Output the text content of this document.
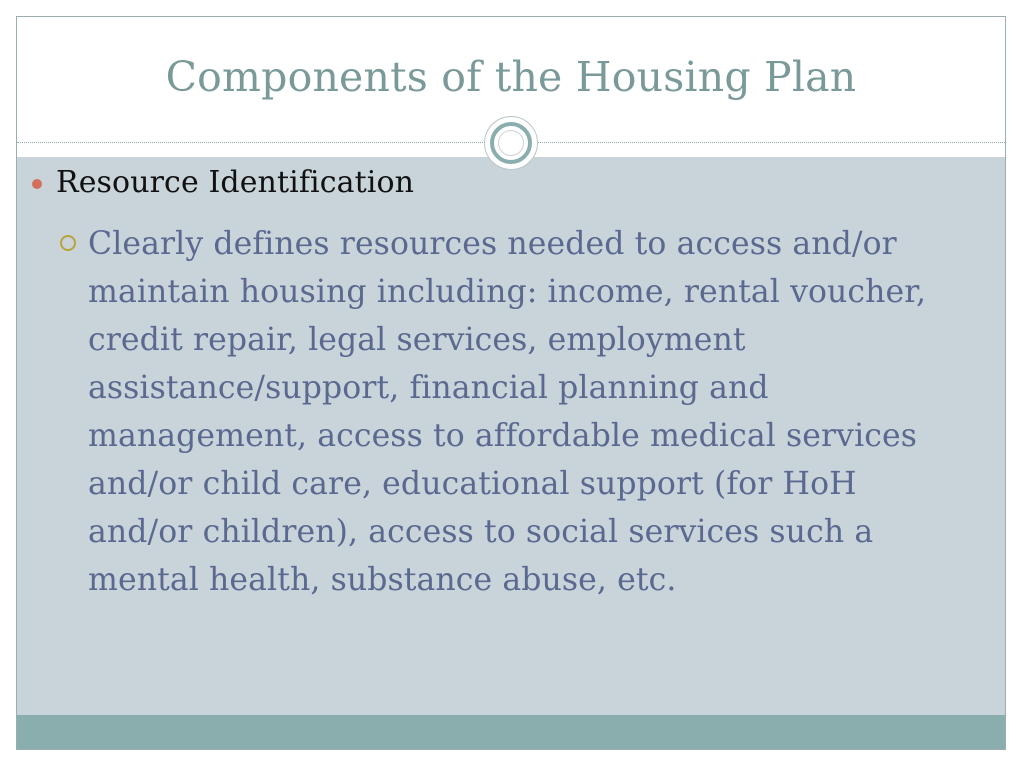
Components of the Housing Plan
Resource Identification
Clearly defines resources needed to access and/or maintain housing including: income, rental voucher, credit repair, legal services, employment assistance/support, financial planning and management, access to affordable medical services and/or child care, educational support (for HoH and/or children), access to social services such a mental health, substance abuse, etc.
